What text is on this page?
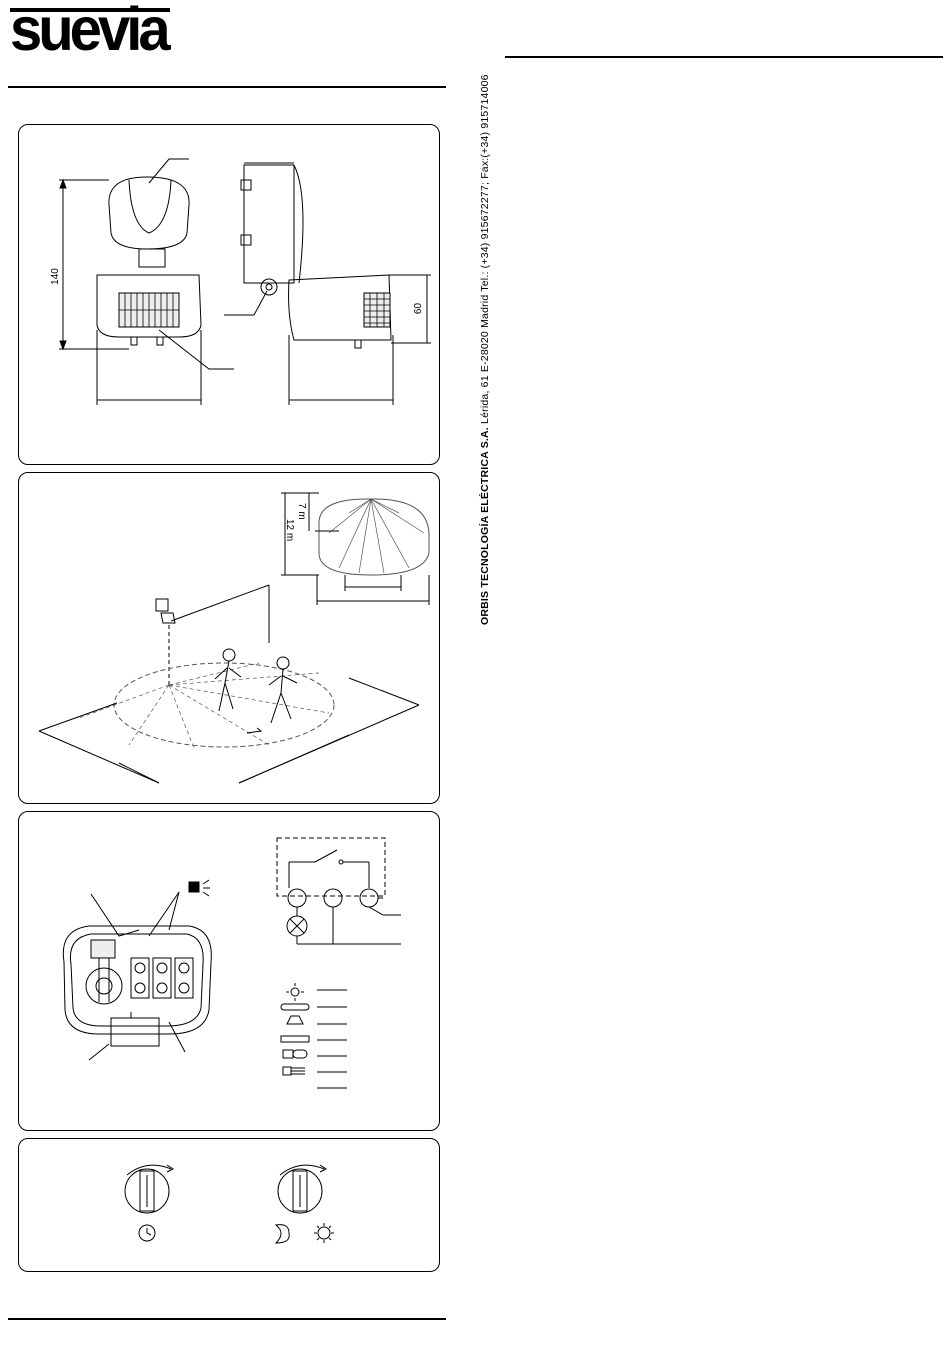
suevia
ORBIS TECNOLOGÍA ELÉCTRICA S.A. Lérida, 61 E-28020 Madrid Tel.: (+34) 915672277; Fax:(+34) 915714006
140
60
7 m
12 m
